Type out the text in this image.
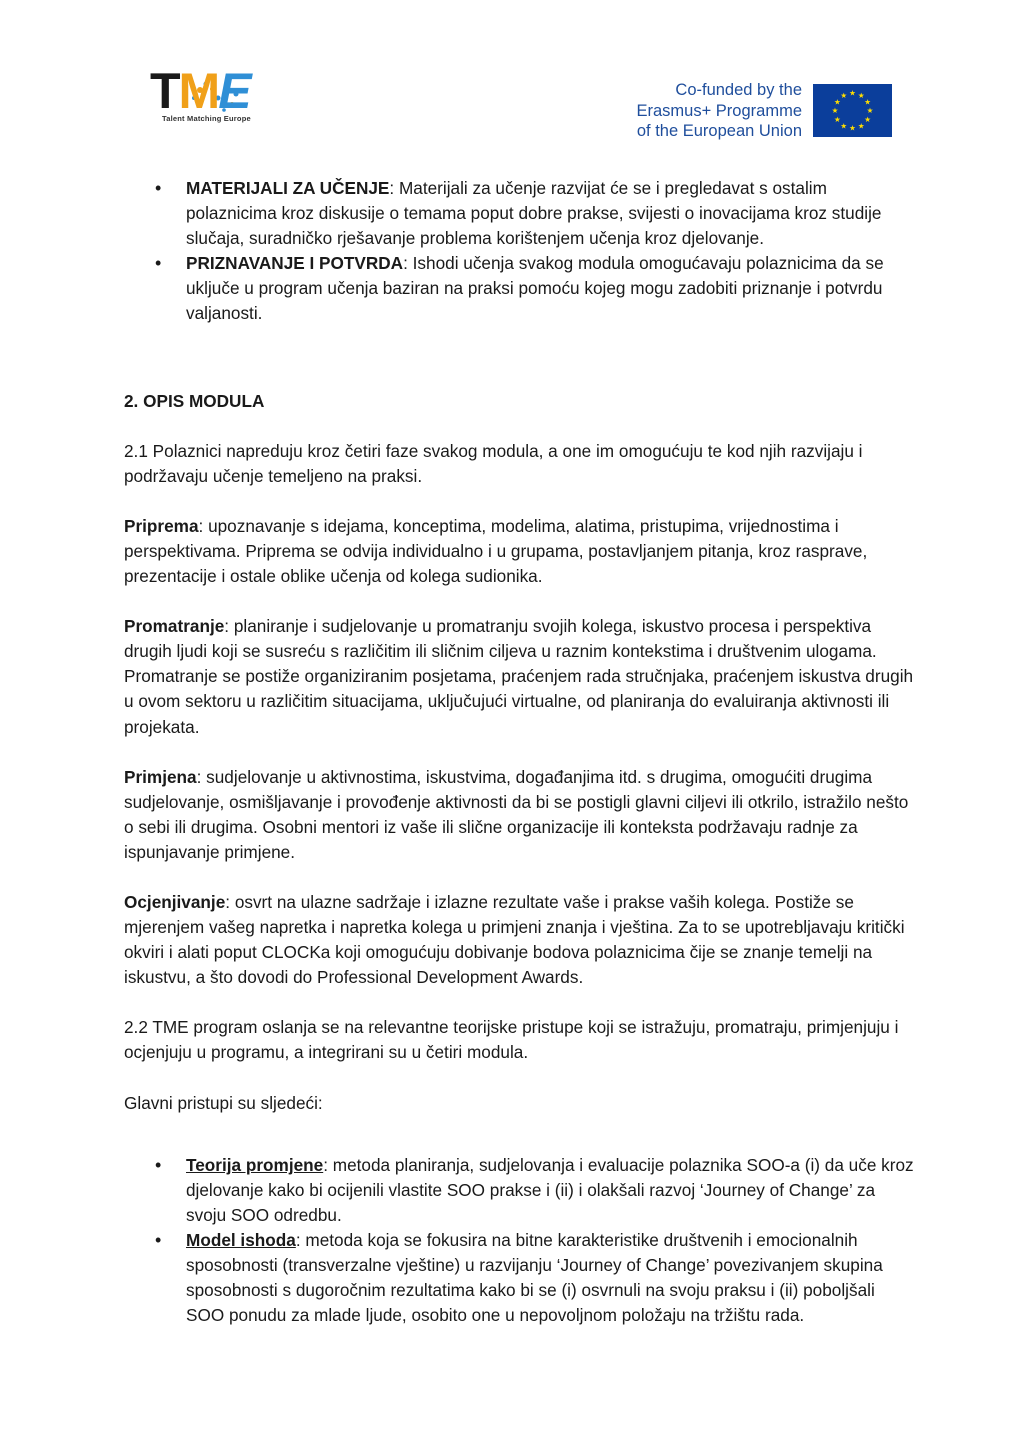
TME
Talent Matching Europe
Co-funded by the
Erasmus+ Programme
of the European Union
★ ★
★
★
★
★
★
★
★
★
★
★
• MATERIJALI ZA UČENJE: Materijali za učenje razvijat će se i pregledavat s ostalim polaznicima kroz diskusije o temama poput dobre prakse, svijesti o inovacijama kroz studije slučaja, suradničko rješavanje problema korištenjem učenja kroz djelovanje.
• PRIZNAVANJE I POTVRDA: Ishodi učenja svakog modula omogućavaju polaznicima da se uključe u program učenja baziran na praksi pomoću kojeg mogu zadobiti priznanje i potvrdu valjanosti.

2. OPIS MODULA

2.1 Polaznici napreduju kroz četiri faze svakog modula, a one im omogućuju te kod njih razvijaju i podržavaju učenje temeljeno na praksi.

Priprema: upoznavanje s idejama, konceptima, modelima, alatima, pristupima, vrijednostima i perspektivama. Priprema se odvija individualno i u grupama, postavljanjem pitanja, kroz rasprave, prezentacije i ostale oblike učenja od kolega sudionika.

Promatranje: planiranje i sudjelovanje u promatranju svojih kolega, iskustvo procesa i perspektiva drugih ljudi koji se susreću s različitim ili sličnim ciljeva u raznim kontekstima i društvenim ulogama. Promatranje se postiže organiziranim posjetama, praćenjem rada stručnjaka, praćenjem iskustva drugih u ovom sektoru u različitim situacijama, uključujući virtualne, od planiranja do evaluiranja aktivnosti ili projekata.

Primjena: sudjelovanje u aktivnostima, iskustvima, događanjima itd. s drugima, omogućiti drugima sudjelovanje, osmišljavanje i provođenje aktivnosti da bi se postigli glavni ciljevi ili otkrilo, istražilo nešto o sebi ili drugima. Osobni mentori iz vaše ili slične organizacije ili konteksta podržavaju radnje za ispunjavanje primjene.

Ocjenjivanje: osvrt na ulazne sadržaje i izlazne rezultate vaše i prakse vaših kolega. Postiže se mjerenjem vašeg napretka i napretka kolega u primjeni znanja i vještina. Za to se upotrebljavaju kritički okviri i alati poput CLOCKa koji omogućuju dobivanje bodova polaznicima čije se znanje temelji na iskustvu, a što dovodi do Professional Development Awards.

2.2 TME program oslanja se na relevantne teorijske pristupe koji se istražuju, promatraju, primjenjuju i ocjenjuju u programu, a integrirani su u četiri modula.

Glavni pristupi su sljedeći:

• Teorija promjene: metoda planiranja, sudjelovanja i evaluacije polaznika SOO-a (i) da uče kroz djelovanje kako bi ocijenili vlastite SOO prakse i (ii) i olakšali razvoj ‘Journey of Change’ za svoju SOO odredbu.
• Model ishoda: metoda koja se fokusira na bitne karakteristike društvenih i emocionalnih sposobnosti (transverzalne vještine) u razvijanju ‘Journey of Change’ povezivanjem skupina sposobnosti s dugoročnim rezultatima kako bi se (i) osvrnuli na svoju praksu i (ii) poboljšali SOO ponudu za mlade ljude, osobito one u nepovoljnom položaju na tržištu rada.
